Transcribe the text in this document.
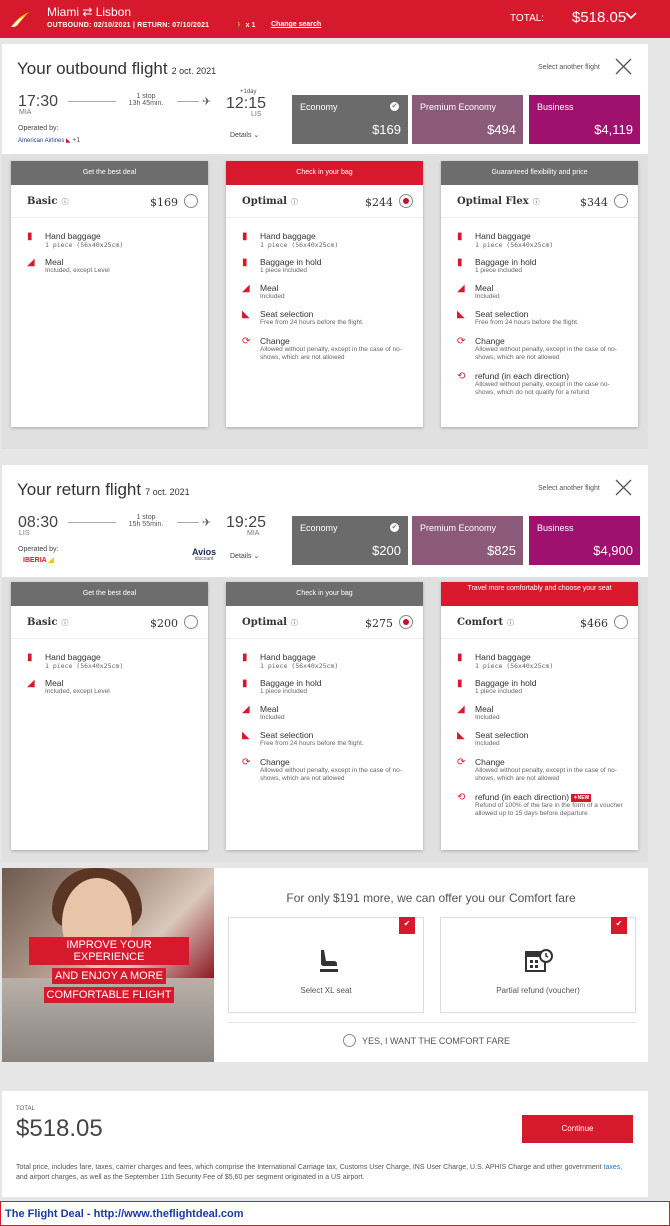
Miami ⇄ Lisbon
OUTBOUND: 02/10/2021 | RETURN: 07/10/2021	🚶 x 1 Change search
TOTAL: $518.05
Your outbound flight 2 oct. 2021	Select another flight
17:30
MIA
1 stop
13h 45min.	✈
+1day
12:15
LIS
Operated by:
American Airlines ◣ +1
Details ⌄
Economy	✔
$169
Premium Economy
$494
Business
$4,119
Get the best deal
Basic ⓘ	$169
▮	Hand baggage
1 piece (56x40x25cm)
◢	Meal
Included, except Level
Check in your bag
Optimal ⓘ	$244
▮	Hand baggage
1 piece (56x40x25cm)
▮	Baggage in hold
1 piece included
◢	Meal
Included
◣	Seat selection
Free from 24 hours before the flight.
⟳	Change
Allowed without penalty, except in the case of no-shows, which are not allowed
Guaranteed flexibility and price
Optimal Flex ⓘ	$344
▮	Hand baggage
1 piece (56x40x25cm)
▮	Baggage in hold
1 piece included
◢	Meal
Included
◣	Seat selection
Free from 24 hours before the flight.
⟳	Change
Allowed without penalty, except in the case of no-shows, which are not allowed
⟲	refund (in each direction)
Allowed without penalty, except in the case no-shows, which do not qualify for a refund
Your return flight 7 oct. 2021	Select another flight
08:30
LIS
1 stop
15h 55min.	✈ 19:25
MIA
Operated by:
IBERIA ◢
Avios
discount	Details ⌄
Economy	✔
$200
Premium Economy
$825
Business
$4,900
Get the best deal
Basic ⓘ	$200
▮	Hand baggage
1 piece (56x40x25cm)
◢	Meal
Included, except Level
Check in your bag
Optimal ⓘ	$275
▮	Hand baggage
1 piece (56x40x25cm)
▮	Baggage in hold
1 piece included
◢	Meal
Included
◣	Seat selection
Free from 24 hours before the flight.
⟳	Change
Allowed without penalty, except in the case of no-shows, which are not allowed
Travel more comfortably and choose your seat
Comfort ⓘ	$466
▮	Hand baggage
1 piece (56x40x25cm)
▮	Baggage in hold
1 piece included
◢	Meal
Included
◣	Seat selection
Included
⟳	Change
Allowed without penalty, except in the case of no-shows, which are not allowed
⟲	refund (in each direction) ✦NEW
Refund of 100% of the fare in the form of a voucher allowed up to 15 days before departure
IMPROVE YOUR EXPERIENCE
AND ENJOY A MORE
COMFORTABLE FLIGHT
For only $191 more, we can offer you our Comfort fare
✔
Select XL seat
✔
Partial refund (voucher)
YES, I WANT THE COMFORT FARE
TOTAL
$518.05	Continue
Total price, includes fare, taxes, carrier charges and fees, which comprise the International Carriage tax, Customs User Charge, INS User Charge, U.S. APHIS Charge and other government taxes, and airport charges, as well as the September 11th Security Fee of $5,60 per segment originated in a US airport.
The Flight Deal - http://www.theflightdeal.com
